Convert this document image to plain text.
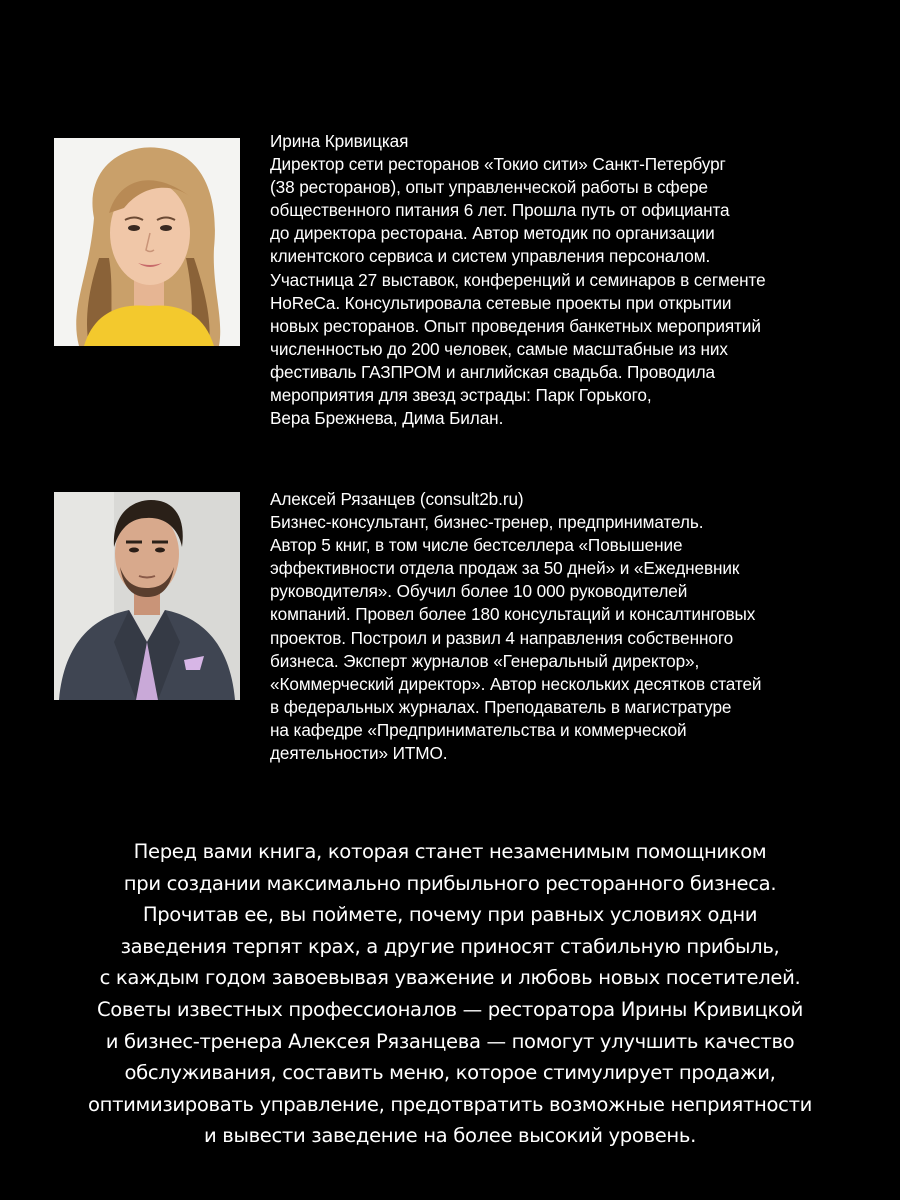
Ирина Кривицкая
Директор сети ресторанов «Токио сити» Санкт-Петербург
(38 ресторанов), опыт управленческой работы в сфере
общественного питания 6 лет. Прошла путь от официанта
до директора ресторана. Автор методик по организации
клиентского сервиса и систем управления персоналом.
Участница 27 выставок, конференций и семинаров в сегменте
HoReCa. Консультировала сетевые проекты при открытии
новых ресторанов. Опыт проведения банкетных мероприятий
численностью до 200 человек, самые масштабные из них
фестиваль ГАЗПРОМ и английская свадьба. Проводила
мероприятия для звезд эстрады: Парк Горького,
Вера Брежнева, Дима Билан.
Алексей Рязанцев (consult2b.ru)
Бизнес-консультант, бизнес-тренер, предприниматель.
Автор 5 книг, в том числе бестселлера «Повышение
эффективности отдела продаж за 50 дней» и «Ежедневник
руководителя». Обучил более 10 000 руководителей
компаний. Провел более 180 консультаций и консалтинговых
проектов. Построил и развил 4 направления собственного
бизнеса. Эксперт журналов «Генеральный директор»,
«Коммерческий директор». Автор нескольких десятков статей
в федеральных журналах. Преподаватель в магистратуре
на кафедре «Предпринимательства и коммерческой
деятельности» ИТМО.
Перед вами книга, которая станет незаменимым помощником
при создании максимально прибыльного ресторанного бизнеса.
Прочитав ее, вы поймете, почему при равных условиях одни
заведения терпят крах, а другие приносят стабильную прибыль,
с каждым годом завоевывая уважение и любовь новых посетителей.
Советы известных профессионалов — ресторатора Ирины Кривицкой
и бизнес-тренера Алексея Рязанцева — помогут улучшить качество
обслуживания, составить меню, которое стимулирует продажи,
оптимизировать управление, предотвратить возможные неприятности
и вывести заведение на более высокий уровень.
